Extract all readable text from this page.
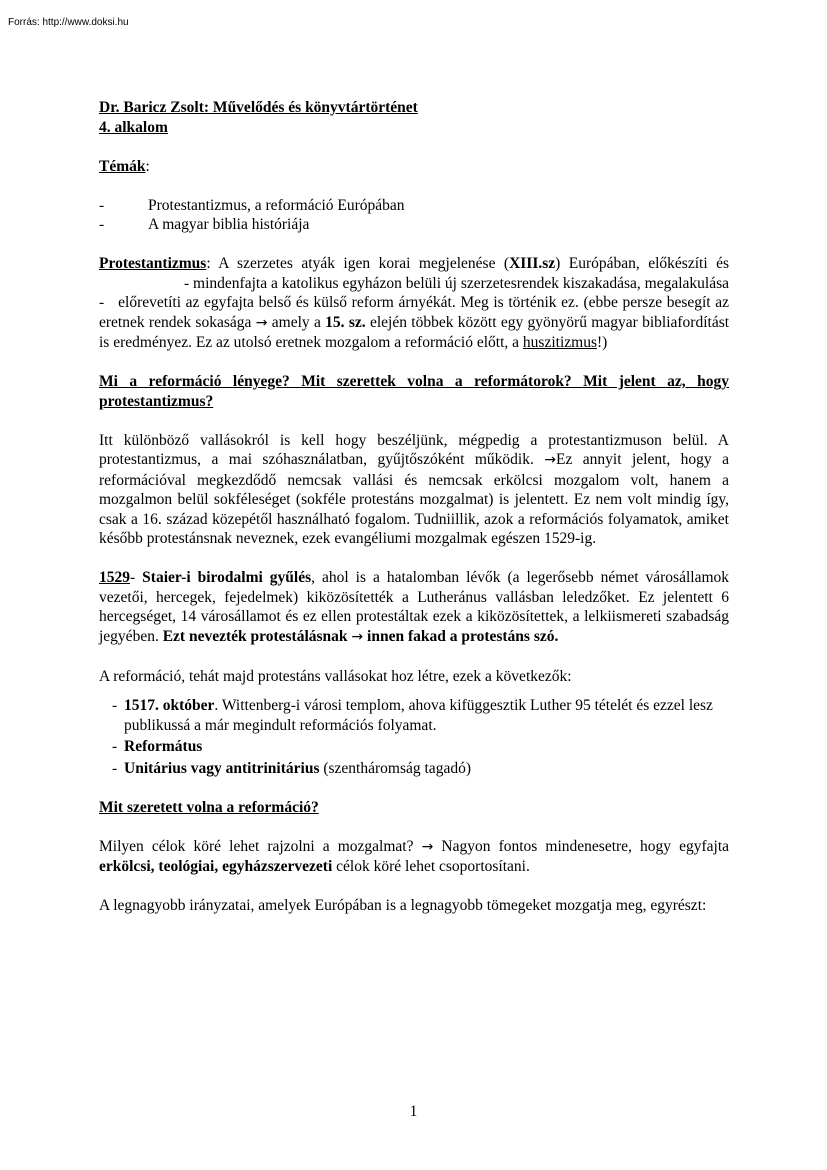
Forrás: http://www.doksi.hu

Dr. Baricz Zsolt: Művelődés és könyvtártörténet

4. alkalom

Témák:

-	Protestantizmus, a reformáció Európában
-	A magyar biblia históriája

Protestantizmus: A szerzetes atyák igen korai megjelenése (XIII.sz) Európában, előkészíti és- mindenfajta a katolikus egyházon belüli új szerzetesrendek kiszakadása, megalakulása - előrevetíti az egyfajta belső és külső reform árnyékát. Meg is történik ez. (ebbe persze besegít az eretnek rendek sokasága → amely a 15. sz. elején többek között egy gyönyörű magyar bibliafordítást is eredményez. Ez az utolsó eretnek mozgalom a reformáció előtt, a huszitizmus!)

Mi a reformáció lényege? Mit szerettek volna a reformátorok? Mit jelent az, hogy protestantizmus?

Itt különböző vallásokról is kell hogy beszéljünk, mégpedig a protestantizmuson belül. A protestantizmus, a mai szóhasználatban, gyűjtőszóként működik. →Ez annyit jelent, hogy a reformációval megkezdődő nemcsak vallási és nemcsak erkölcsi mozgalom volt, hanem a mozgalmon belül sokféleséget (sokféle protestáns mozgalmat) is jelentett. Ez nem volt mindig így, csak a 16. század közepétől használható fogalom. Tudniillik, azok a reformációs folyamatok, amiket később protestánsnak neveznek, ezek evangéliumi mozgalmak egészen 1529-ig.

1529- Staier-i birodalmi gyűlés, ahol is a hatalomban lévők (a legerősebb német városállamok vezetői, hercegek, fejedelmek) kiközösítették a Lutheránus vallásban leledzőket. Ez jelentett 6 hercegséget, 14 városállamot és ez ellen protestáltak ezek a kiközösítettek, a lelkiismereti szabadság jegyében. Ezt nevezték protestálásnak → innen fakad a protestáns szó.

A reformáció, tehát majd protestáns vallásokat hoz létre, ezek a következők:

- 1517. október. Wittenberg-i városi templom, ahova kifüggesztik Luther 95 tételét és ezzel lesz publikussá a már megindult reformációs folyamat.
- Református
- Unitárius vagy antitrinitárius (szentháromság tagadó)

Mit szeretett volna a reformáció?

Milyen célok köré lehet rajzolni a mozgalmat? → Nagyon fontos mindenesetre, hogy egyfajta erkölcsi, teológiai, egyházszervezeti célok köré lehet csoportosítani.

A legnagyobb irányzatai, amelyek Európában is a legnagyobb tömegeket mozgatja meg, egyrészt:

1
